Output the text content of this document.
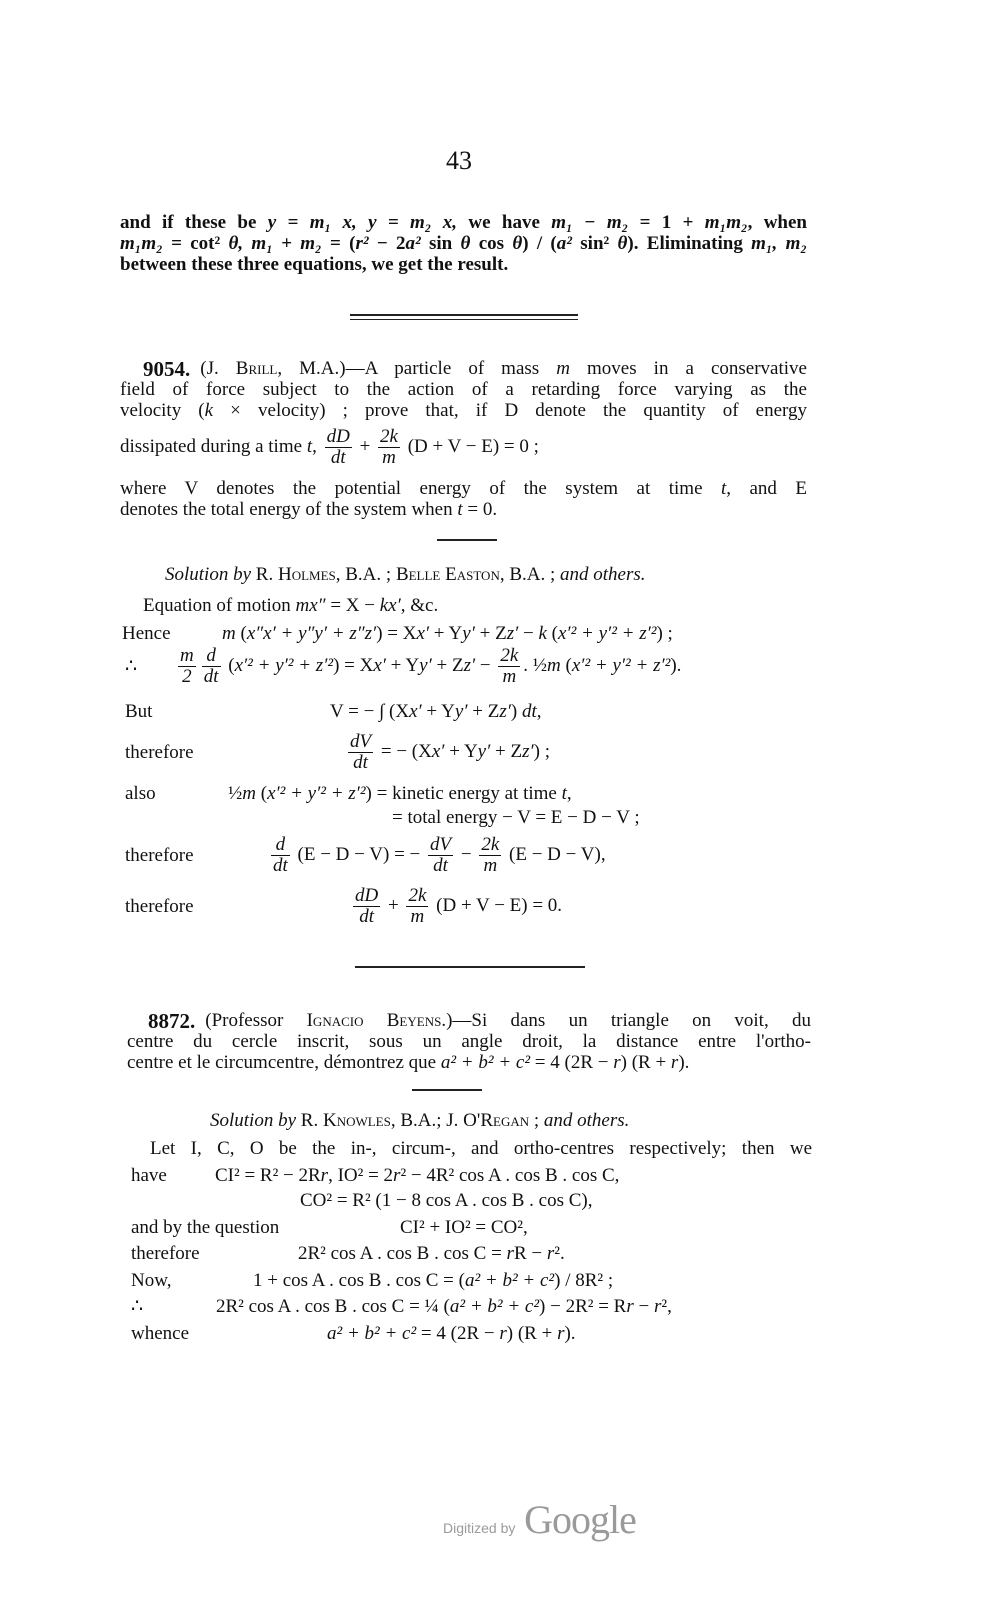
43
and if these be y = m₁ x, y = m₂ x, we have m₁ − m₂ = 1 + m₁m₂, when
m₁m₂ = cot² θ, m₁ + m₂ = (r² − 2a² sin θ cos θ) / (a² sin² θ). Eliminating m₁, m₂
between these three equations, we get the result.
9054. (J. Brill, M.A.)—A particle of mass m moves in a conservative
field of force subject to the action of a retarding force varying as the
velocity (k × velocity) ; prove that, if D denote the quantity of energy
dissipated during a time t, $\frac{dD}{dt} + \frac{2k}{m} (D + V - E) = 0$ ;
where V denotes the potential energy of the system at time t, and E
denotes the total energy of the system when t = 0.
Solution by R. Holmes, B.A. ; Belle Easton, B.A. ; and others.
Equation of motion mx″ = X − kx′, &c.
Hence	m (x″x′ + y″y′ + z″z′) = Xx′ + Yy′ + Zz′ − k (x′² + y′² + z′²) ;
∴ $\frac{m}{2} \frac{d}{dt} (x'^2 + y'^2 + z'^2) = Xx' + Yy' + Zz' - \frac{2k}{m}$ . ½m (x′² + y′² + z′²).
But	V = − ∫ (Xx′ + Yy′ + Zz′) dt,
therefore	$\frac{dV}{dt}$ = − (Xx′ + Yy′ + Zz′) ;
also	½m (x′² + y′² + z′²) = kinetic energy at time t,
= total energy − V = E − D − V ;
therefore	$\frac{d}{dt} (E - D - V)$ = − $\frac{dV}{dt} - \frac{2k}{m} (E - D - V)$,
therefore	$\frac{dD}{dt} + \frac{2k}{m} (D + V - E) = 0$.
8872. (Professor Ignacio Beyens.)—Si dans un triangle on voit, du
centre du cercle inscrit, sous un angle droit, la distance entre l'ortho-
centre et le circumcentre, démontrez que a² + b² + c² = 4 (2R − r) (R + r).
Solution by R. Knowles, B.A.; J. O'Regan ; and others.
Let I, C, O be the in-, circum-, and ortho-centres respectively; then we
have	CI² = R² − 2Rr, IO² = 2r² − 4R² cos A . cos B . cos C,
CO² = R² (1 − 8 cos A . cos B . cos C),
and by the question	CI² + IO² = CO²,
therefore	2R² cos A . cos B . cos C = rR − r².
Now,	1 + cos A . cos B . cos C = (a² + b² + c²) / 8R² ;
∴	2R² cos A . cos B . cos C = ¼ (a² + b² + c²) − 2R² = Rr − r²,
whence	a² + b² + c² = 4 (2R − r) (R + r).
Digitized by Google
